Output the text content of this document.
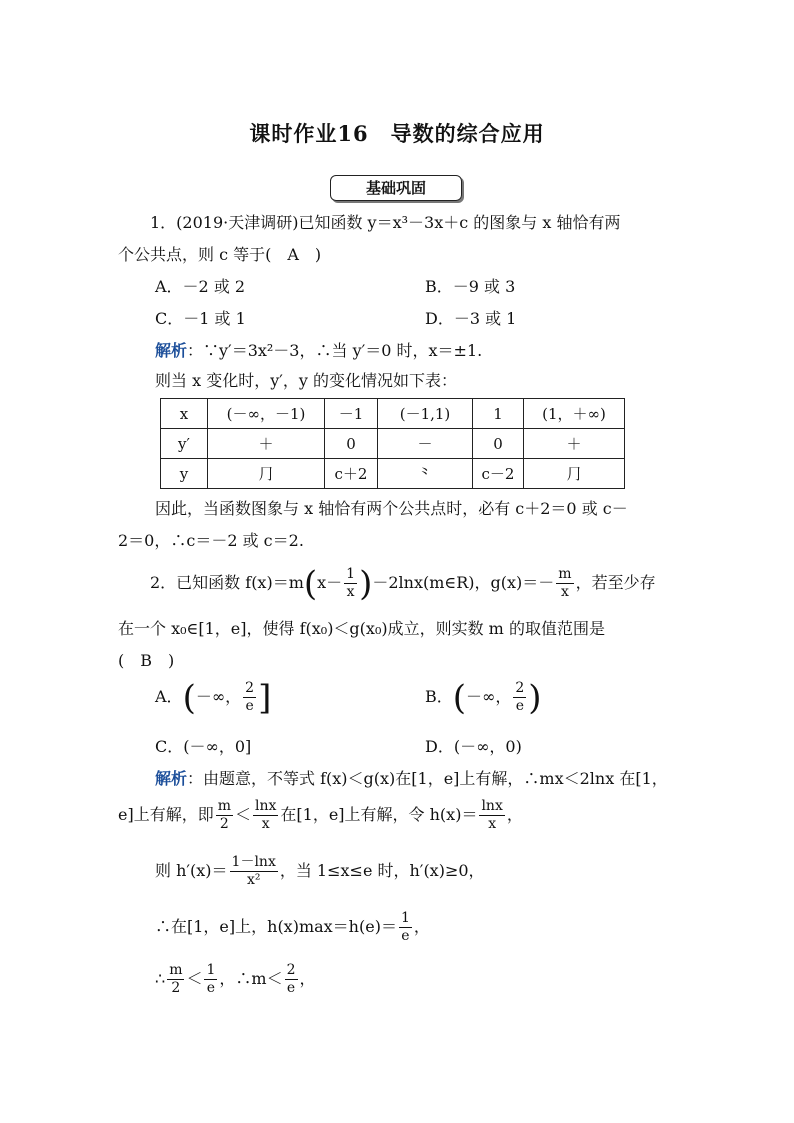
课时作业16 导数的综合应用
基础巩固
1．(2019·天津调研)已知函数 y＝x³－3x＋c 的图象与 x 轴恰有两
个公共点，则 c 等于(　A　)
A．－2 或 2	B．－9 或 3
C．－1 或 1	D．－3 或 1
解析：∵y′＝3x²－3，∴当 y′＝0 时，x＝±1.
则当 x 变化时，y′，y 的变化情况如下表：
x	(－∞，－1)	－1	(－1,1)	1	(1，＋∞)
y′	＋	0	－	0	＋
y	⺆	c＋2	⺀	c－2	⺆
因此，当函数图象与 x 轴恰有两个公共点时，必有 c＋2＝0 或 c－
2＝0，∴c＝－2 或 c＝2.
2．已知函数 $f(x)=m(x- \frac{1}{x}$ )－2lnx(m∈R)，$g(x)=- \frac{m}{x}$ ，若至少存
在一个 x₀∈[1，e]，使得 f(x₀)＜g(x₀)成立，则实数 m 的取值范围是
(　B　)
A．(－∞， $\frac{2}{e}$ ]	B．(－∞， $\frac{2}{e}$ )
C．(－∞，0]	D．(－∞，0)
解析：由题意，不等式 f(x)＜g(x)在[1，e]上有解，∴mx＜2lnx 在[1，
e]上有解，即 $\frac{m}{2} < \frac{\ln x}{x}$ 在[1，e]上有解，令 $h(x)= \frac{\ln x}{x}$ ，
则 $h'(x)= \frac{1-\ln x}{\text{x²}}$ ，当 1≤x≤e 时，h′(x)≥0，
∴在[1，e]上，$h(x)\max=h(e)= \frac{1}{e}$ ，
∴ $\frac{m}{2} < \frac{1}{e}$ ，∴m＜ $\frac{2}{e}$ ，
